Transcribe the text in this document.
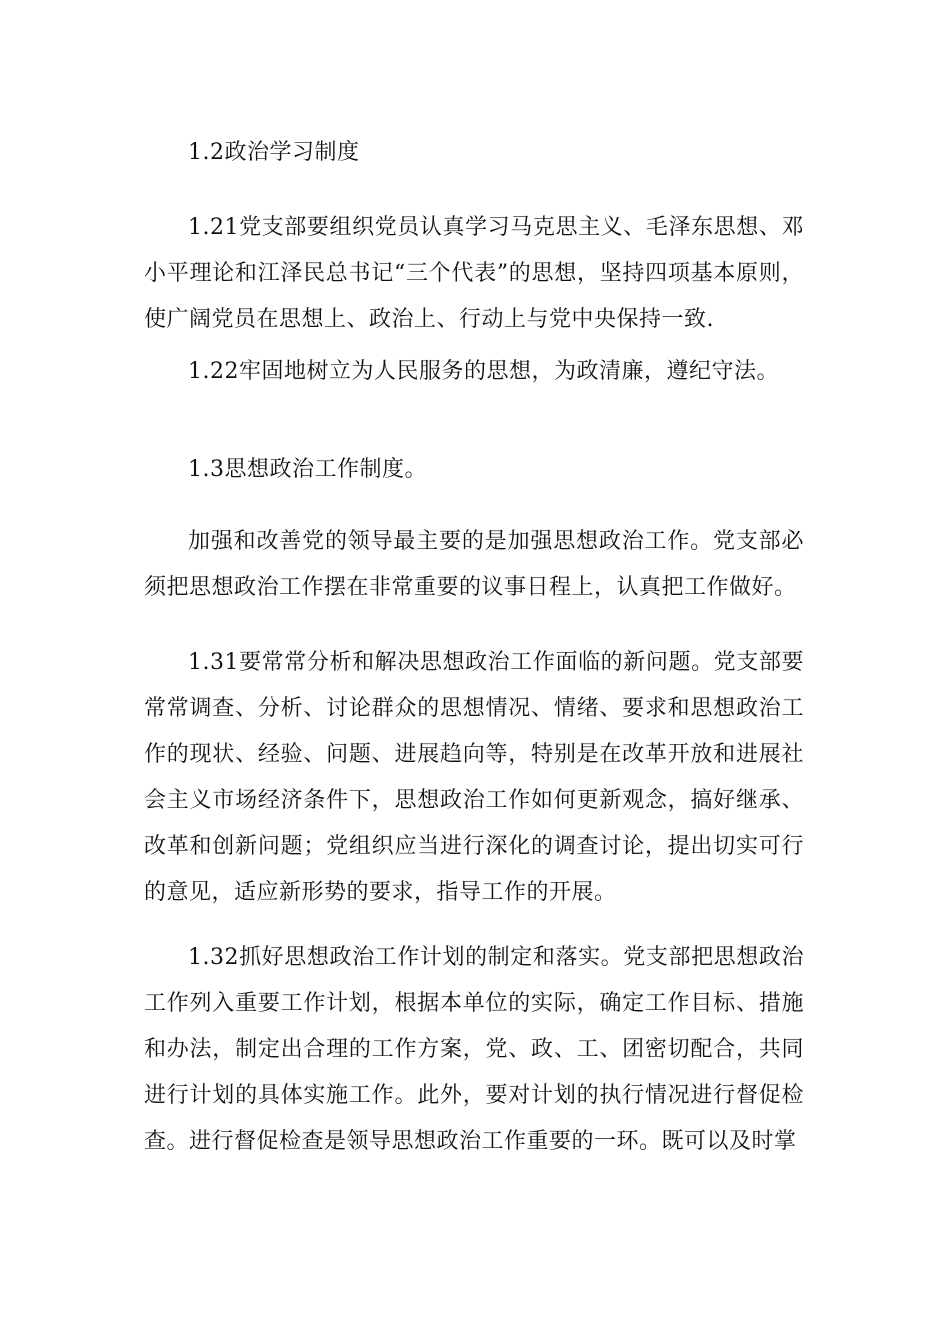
1.2政治学习制度

1.21党支部要组织党员认真学习马克思主义、毛泽东思想、邓小平理论和江泽民总书记“三个代表”的思想，坚持四项基本原则，使广阔党员在思想上、政治上、行动上与党中央保持一致.

1.22牢固地树立为人民服务的思想，为政清廉，遵纪守法。

1.3思想政治工作制度。

加强和改善党的领导最主要的是加强思想政治工作。党支部必须把思想政治工作摆在非常重要的议事日程上，认真把工作做好。

1.31要常常分析和解决思想政治工作面临的新问题。党支部要常常调查、分析、讨论群众的思想情况、情绪、要求和思想政治工作的现状、经验、问题、进展趋向等，特别是在改革开放和进展社会主义市场经济条件下，思想政治工作如何更新观念，搞好继承、改革和创新问题；党组织应当进行深化的调查讨论，提出切实可行的意见，适应新形势的要求，指导工作的开展。

1.32抓好思想政治工作计划的制定和落实。党支部把思想政治工作列入重要工作计划，根据本单位的实际，确定工作目标、措施和办法，制定出合理的工作方案，党、政、工、团密切配合，共同进行计划的具体实施工作。此外，要对计划的执行情况进行督促检查。进行督促检查是领导思想政治工作重要的一环。既可以及时掌
